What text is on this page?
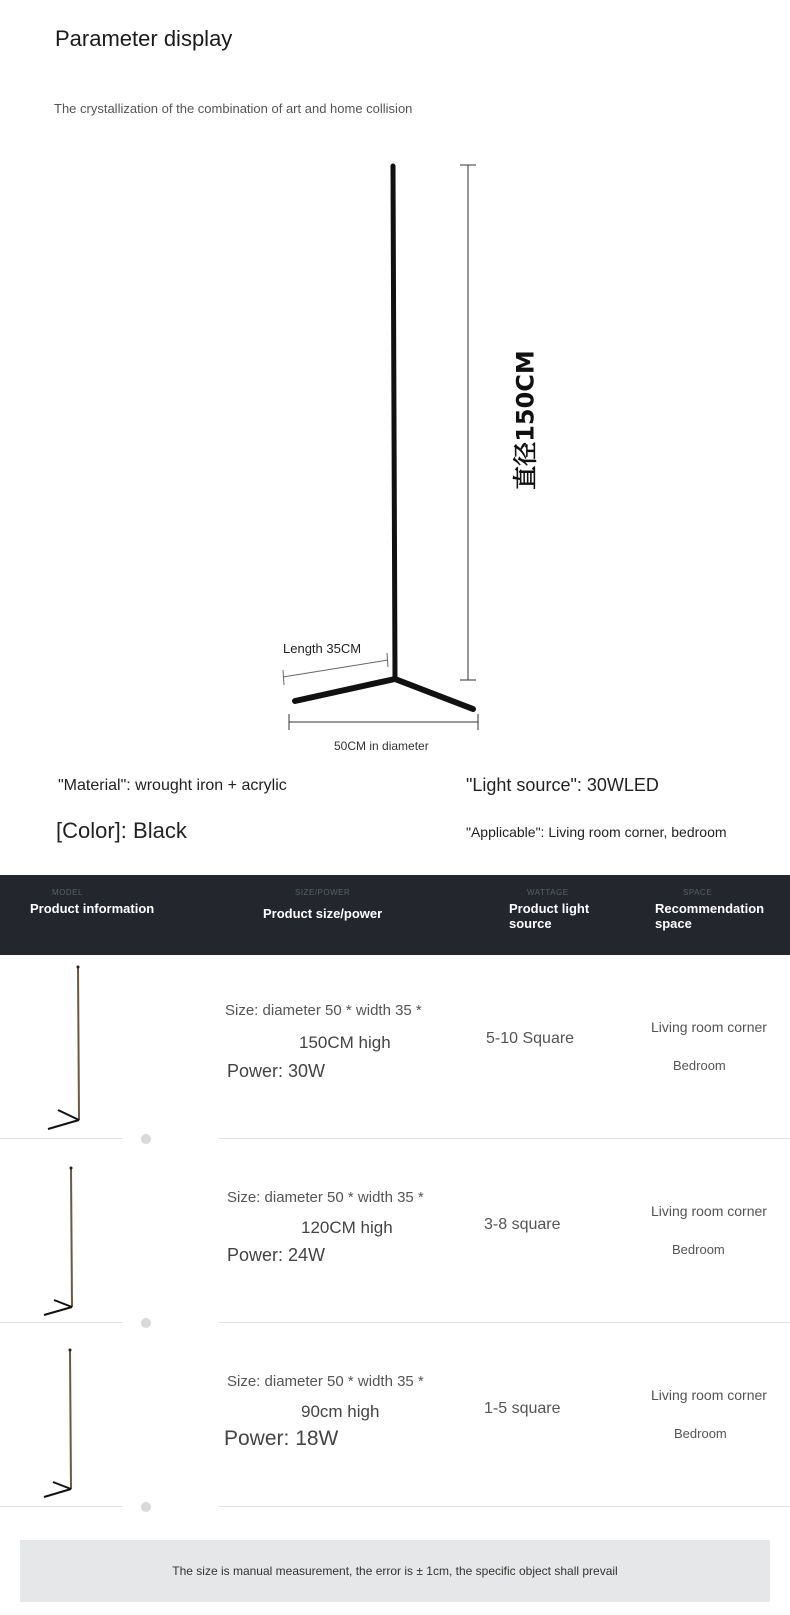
Parameter display
The crystallization of the combination of art and home collision
直径150CM
Length 35CM
50CM in diameter
"Material": wrought iron + acrylic	"Light source": 30WLED
[Color]: Black	"Applicable": Living room corner, bedroom
MODEL
Product information
SIZE/POWER
Product size/power
WATTAGE
Product light source
SPACE
Recommendation space
Size: diameter 50 * width 35 *
150CM high
Power: 30W
5-10 Square
Living room corner
Bedroom
Size: diameter 50 * width 35 *
120CM high
Power: 24W
3-8 square
Living room corner
Bedroom
Size: diameter 50 * width 35 *
90cm high
Power: 18W
1-5 square
Living room corner
Bedroom
The size is manual measurement, the error is ± 1cm, the specific object shall prevail
